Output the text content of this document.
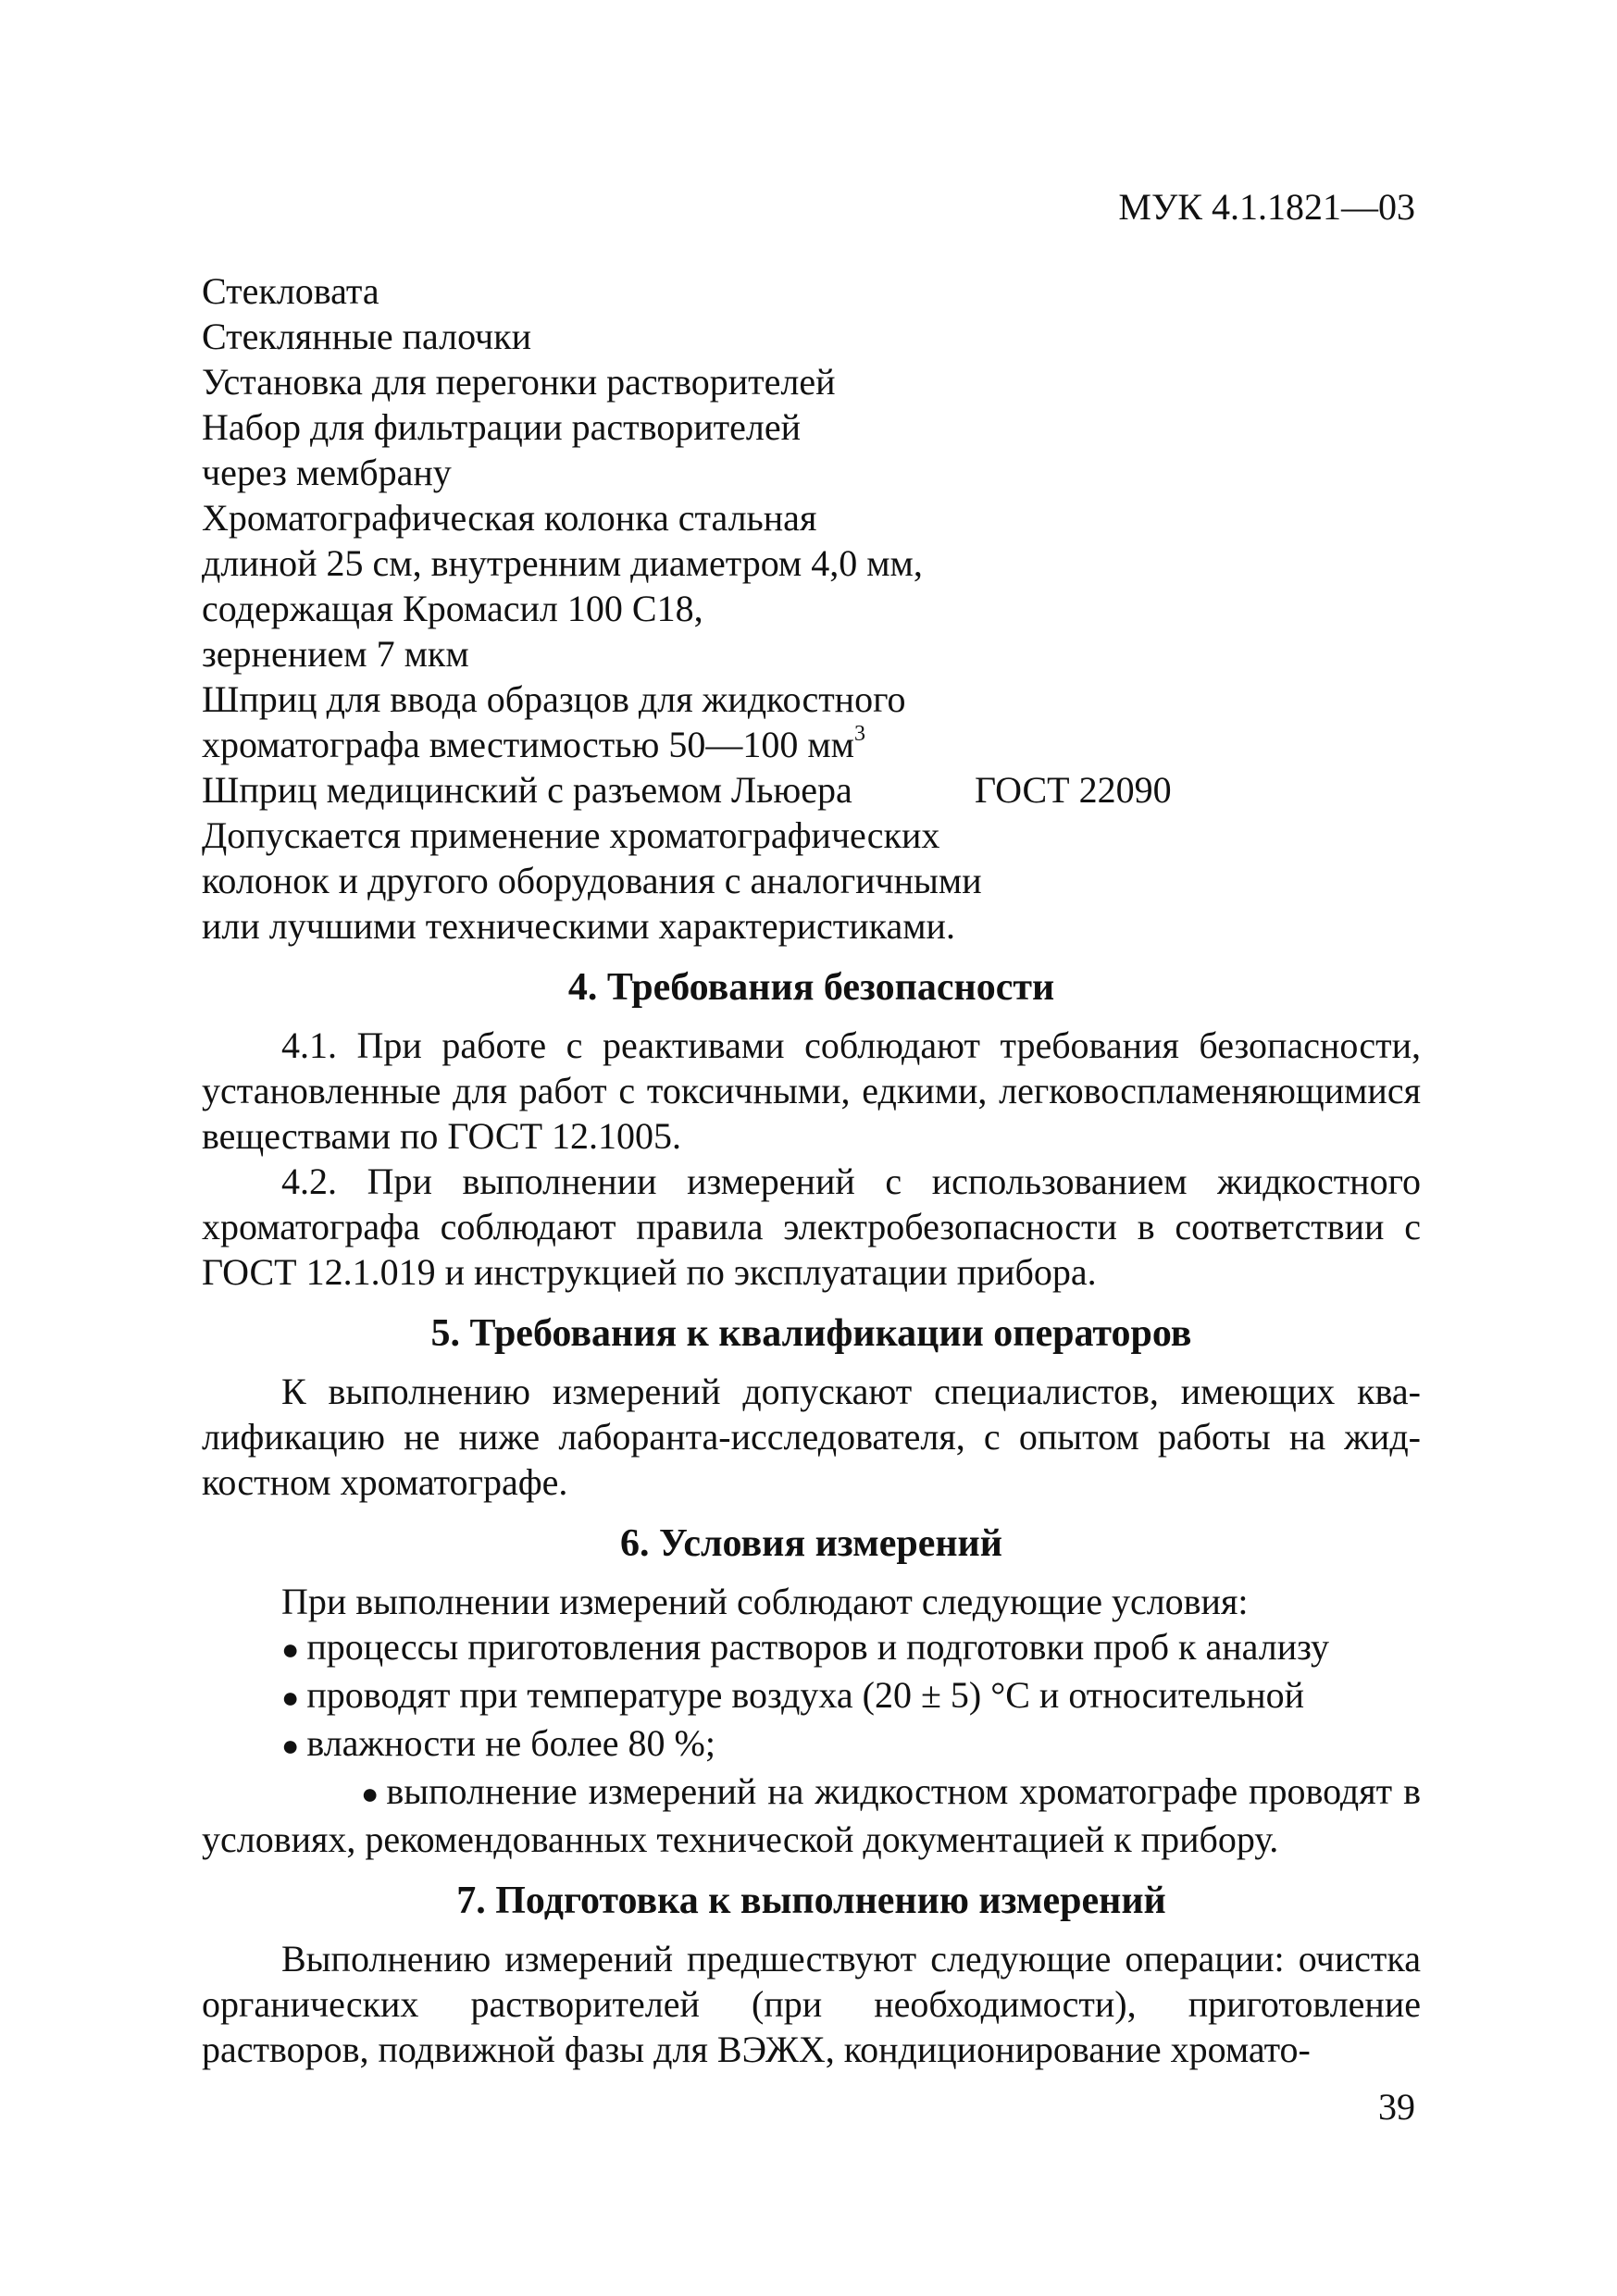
МУК 4.1.1821—03
Стекловата
Стеклянные палочки
Установка для перегонки растворителей
Набор для фильтрации растворителей
через мембрану
Хроматографическая колонка стальная
длиной 25 см, внутренним диаметром 4,0 мм,
содержащая Кромасил 100 С18,
зернением 7 мкм
Шприц для ввода образцов для жидкостного
хроматографа вместимостью 50—100 $мм^3$
Шприц медицинский с разъемом Льюера	ГОСТ 22090
Допускается применение хроматографических
колонок и другого оборудования с аналогичными
или лучшими техническими характеристиками.
4. Требования безопасности

4.1. При работе с реактивами соблюдают требования безопасности, установленные для работ с токсичными, едкими, легковоспламеняющимися веществами по ГОСТ 12.1005.

4.2. При выполнении измерений с использованием жидкостного хроматографа соблюдают правила электробезопасности в соответствии с ГОСТ 12.1.019 и инструкцией по эксплуатации прибора.

5. Требования к квалификации операторов

К выполнению измерений допускают специалистов, имеющих квалификацию не ниже лаборанта-исследователя, с опытом работы на жидкостном хроматографе.

6. Условия измерений

При выполнении измерений соблюдают следующие условия:

● процессы приготовления растворов и подготовки проб к анализу

● проводят при температуре воздуха (20 ± 5) °С и относительной

● влажности не более 80 %;

● выполнение измерений на жидкостном хроматографе проводят в условиях, рекомендованных технической документацией к прибору.

7. Подготовка к выполнению измерений

Выполнению измерений предшествуют следующие операции: очистка органических растворителей (при необходимости), приготовление растворов, подвижной фазы для ВЭЖХ, кондиционирование хромато-

39
